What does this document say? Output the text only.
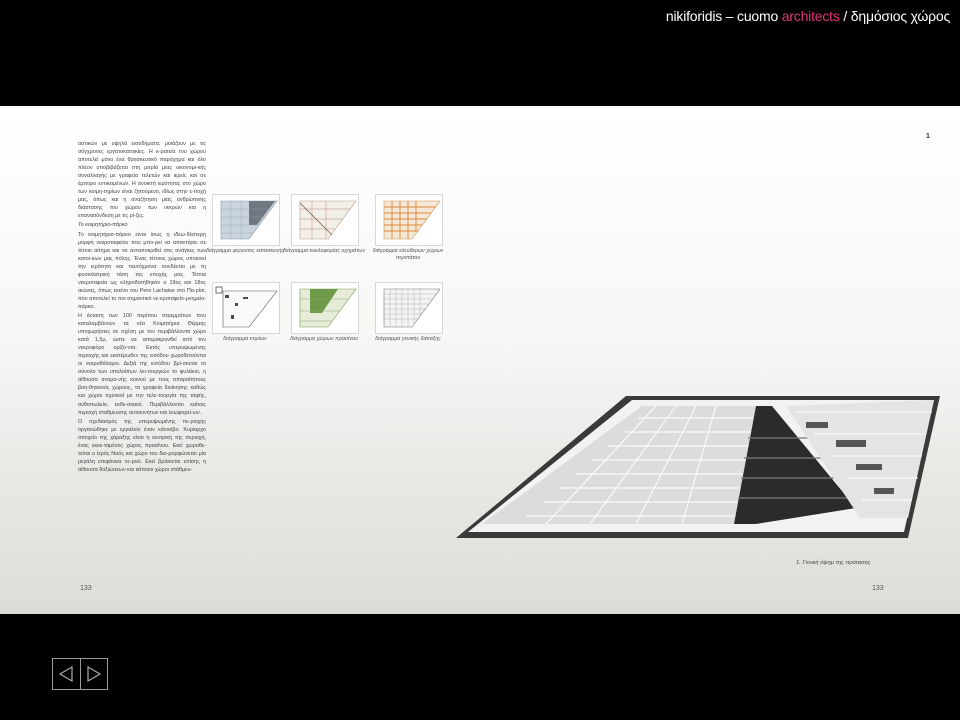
nikiforidis – cuomo architects / δημόσιος χώρος

αστικών με υψηλά εισοδήματα, μοιάζουν με τις σύγχρονες εργατοκατοικίες. Η κ-ρατεία του χώρου αποτελεί μόνο ένα θρησκευτικό παρόχημα και όλο πλέον υποβιβάζεται στη μιτρία μιας οικονομι-κής συναλλαγής με γραφεία τελετών και ιερείς και σε έμπορο εντικειμένων. Η ανοικτή ιερότητας στο χώρο των κοιμη-τηρίων είναι ζητούμενο, ιδίως στην ε-ποχή μας, όπως και η αναζήτηση μιας ανθρώπινης διάστασης του χώρου των νεκρών και η επανασύνδεση με τις ρί-ζες.

Το κοιμητήριο-πάρκο

Το κοιμητήριο-πάρκο είναι ίσως η ιδεω-δέστερη μορφή νεκροταφείου που μπο-ρεί να απαντήσει σε τέτοιο αίτημα και να ανταποκριθεί στις ανάγκες των κατοί-κων μας πόλης. Ένας τέτοιος χώρος υποκινεί την ιερότητα και ταυτόχρονα συνδέεται με τη φυσιολατρική τάση της εποχής μας. Τέτοια νεκροταφεία ως κληροδοτήθηκαν ο 19ος και 18ος αιώνας, όπως εκείνο του Pere Lachaise στο Πα-ρίσι, που αποτελεί το πιο σημαντικό νε-κροταφείο-μνημείο-πάρκο.

Η έκταση των 100 περίπου στρεμμάτων που καταλαμβάνουν τα νέα Κοιμητήρια Θέρμης υποχωρήσεις σε σχέση με τον περιβάλλοντα χώρο κατά 1,5μ, ώστε να απομακρυνθεί από τον νεκροφόρο ορίζο-ντα. Εκτός υπερυψωμένης περιοχής και εκατέρωθεν της εισόδου χωροθετούνται οι νεκροθάλαμοι. Δεξιά της εισόδου βρί-σκεται το σύνολο των υπολοίπων λει-τουργιών το φυλάκιο, η αίθουσα αναμο-νής κοινού με τους απαραίτητους βοη-θητικούς χώρους, τα γραφεία διοίκησης καθώς και χώροι σχετικοί με την τελε-τουργία της ταφής, ανθοπωλείο, εκθε-σιακοί. Περιβάλλονται καίτοις περιοχή σταθμευσης αυτοκινήτων και λεωφορεί-ων.

Ο σχεδιασμός της υπερυψωμένης πε-ριοχής οργανώθηκε με εργαλείο έναν κάνναβο. Κυρίαρχο στοιχείο της χάραξης είναι η κεντρική της περιοχή, ένας εκκε-ταμένος χώρος πρασίνου. Εκεί χωροθε-τείται ο Ιερός Ναός και χώρο του διο-μορφώνεται μία μεγάλη επιφάνεια νε-ρού. Εκεί βρίσκεται επίσης η αίθουσα δοξιώσεων και κάποιοι χώροι στάθμευ-

1
διάγραμμα φέροντος κατασκευής
διάγραμμα κυκλοφορίας οχημάτων	διάγραμμα ελεύθερων χώρων περιπάτου
διάγραμμα κτιρίων	διάγραμμα χώρων πρασίνου	διάγραμμα γενικής διάταξης
1. Γενική όψημ της πρότασης
133	133
